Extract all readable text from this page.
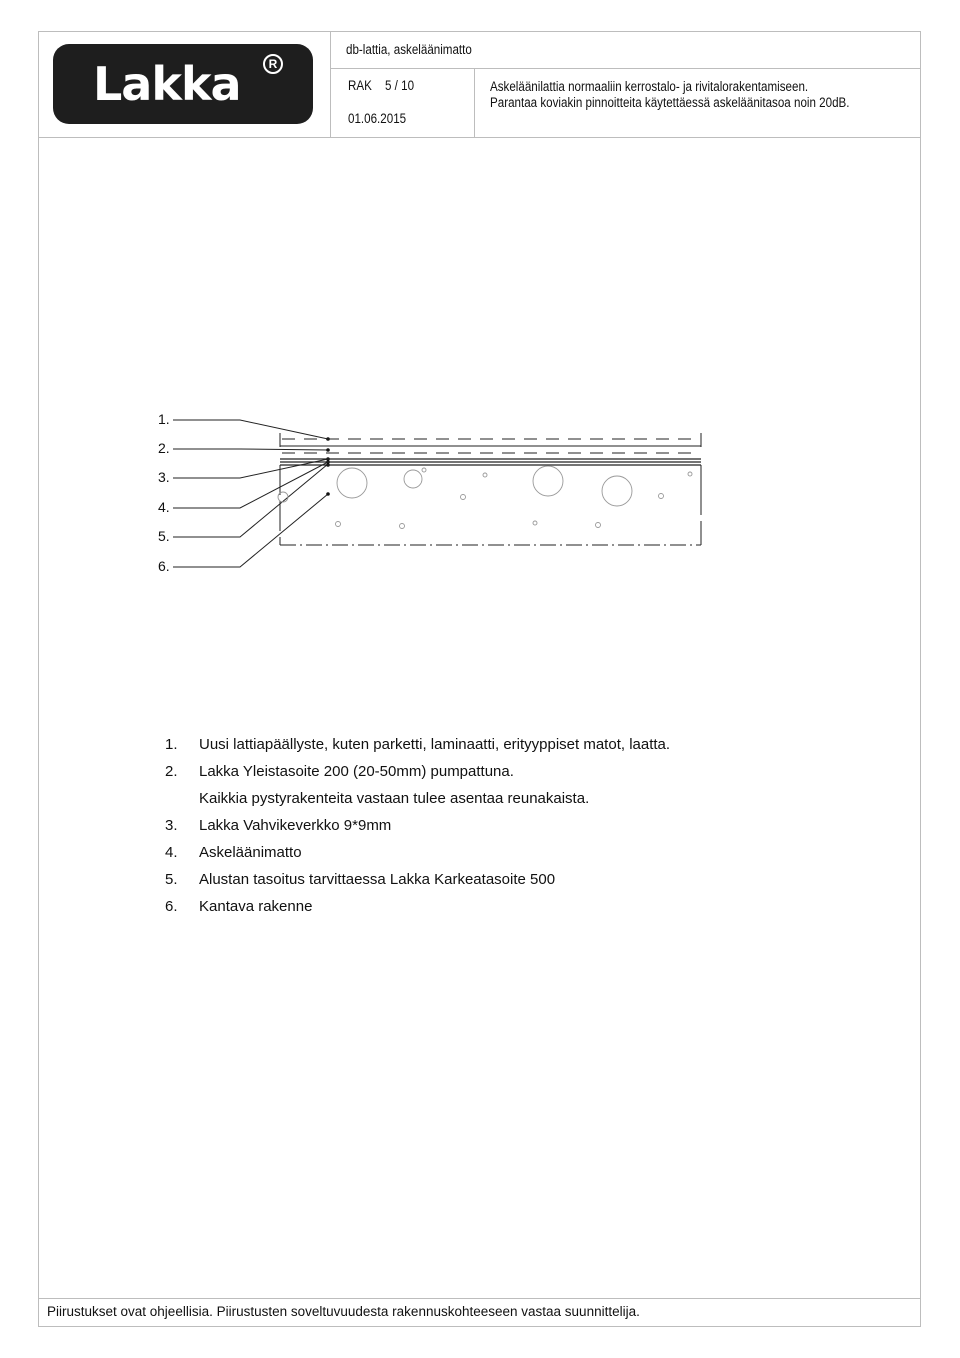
Lakka	R
db-lattia, askeläänimatto
RAK 5 / 10
01.06.2015
Askeläänilattia normaaliin kerrostalo- ja rivitalorakentamiseen.
Parantaa koviakin pinnoitteita käytettäessä askeläänitasoa noin 20dB.
1.
2.
3.
4.
5.
6.
1. Uusi lattiapäällyste, kuten parketti, laminaatti, erityyppiset matot, laatta.
2. Lakka Yleistasoite 200 (20-50mm) pumpattuna.
Kaikkia pystyrakenteita vastaan tulee asentaa reunakaista.
3. Lakka Vahvikeverkko 9*9mm
4. Askeläänimatto
5. Alustan tasoitus tarvittaessa Lakka Karkeatasoite 500
6. Kantava rakenne
Piirustukset ovat ohjeellisia. Piirustusten soveltuvuudesta rakennuskohteeseen vastaa suunnittelija.
